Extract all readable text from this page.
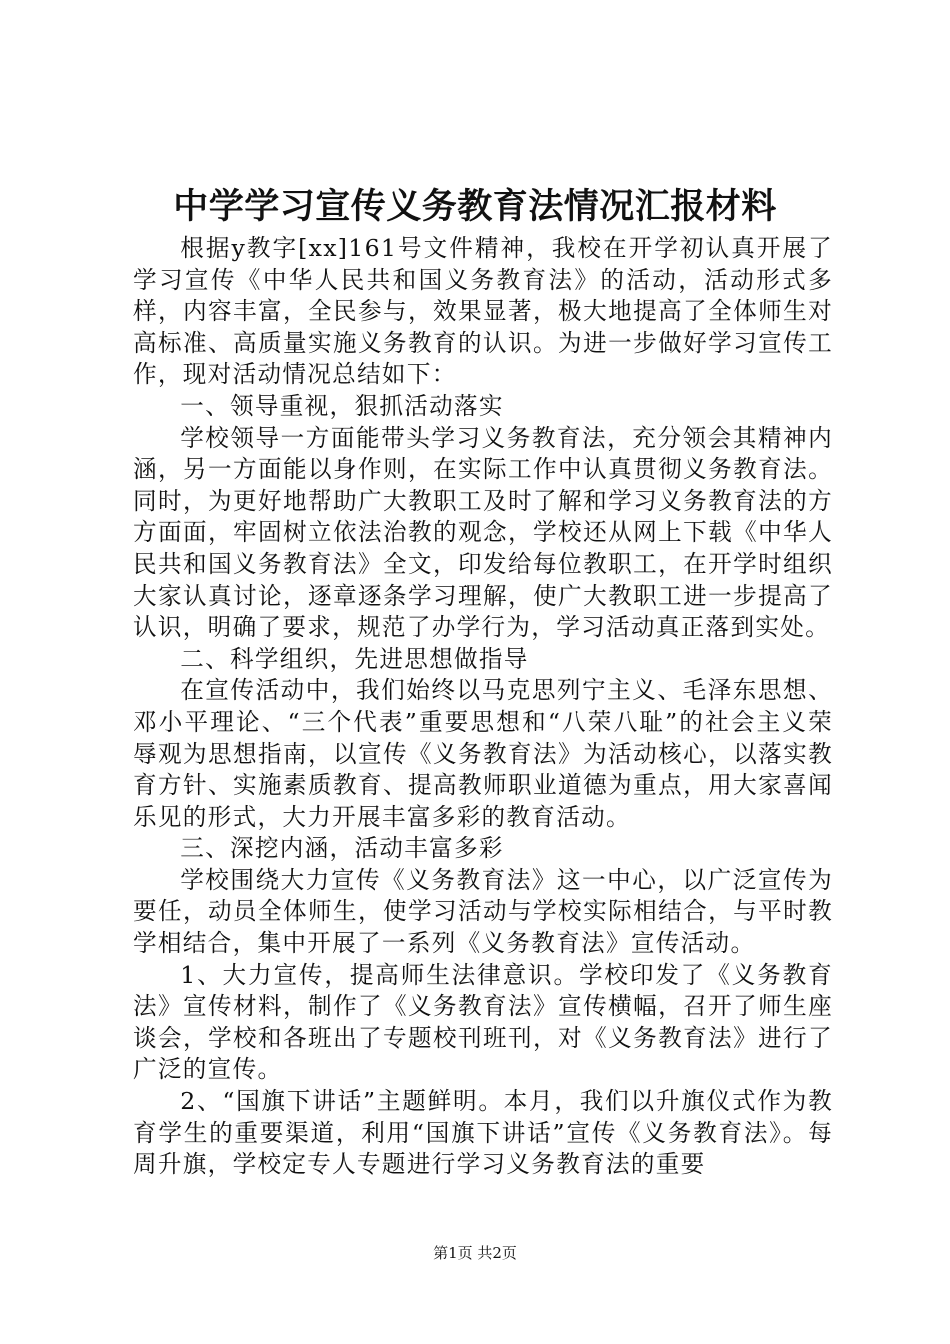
中学学习宣传义务教育法情况汇报材料

根据y教字[xx]161号文件精神，我校在开学初认真开展了学习宣传《中华人民共和国义务教育法》的活动，活动形式多样，内容丰富，全民参与，效果显著，极大地提高了全体师生对高标准、高质量实施义务教育的认识。为进一步做好学习宣传工作，现对活动情况总结如下：

一、领导重视，狠抓活动落实

学校领导一方面能带头学习义务教育法，充分领会其精神内涵，另一方面能以身作则，在实际工作中认真贯彻义务教育法。同时，为更好地帮助广大教职工及时了解和学习义务教育法的方方面面，牢固树立依法治教的观念，学校还从网上下载《中华人民共和国义务教育法》全文，印发给每位教职工，在开学时组织大家认真讨论，逐章逐条学习理解，使广大教职工进一步提高了认识，明确了要求，规范了办学行为，学习活动真正落到实处。

二、科学组织，先进思想做指导

在宣传活动中，我们始终以马克思列宁主义、毛泽东思想、邓小平理论、“三个代表”重要思想和“八荣八耻”的社会主义荣辱观为思想指南，以宣传《义务教育法》为活动核心，以落实教育方针、实施素质教育、提高教师职业道德为重点，用大家喜闻乐见的形式，大力开展丰富多彩的教育活动。

三、深挖内涵，活动丰富多彩

学校围绕大力宣传《义务教育法》这一中心，以广泛宣传为要任，动员全体师生，使学习活动与学校实际相结合，与平时教学相结合，集中开展了一系列《义务教育法》宣传活动。

1、大力宣传，提高师生法律意识。学校印发了《义务教育法》宣传材料，制作了《义务教育法》宣传横幅，召开了师生座谈会，学校和各班出了专题校刊班刊，对《义务教育法》进行了广泛的宣传。

2、“国旗下讲话”主题鲜明。本月，我们以升旗仪式作为教育学生的重要渠道，利用“国旗下讲话”宣传《义务教育法》。每周升旗，学校定专人专题进行学习义务教育法的重要

第1页 共2页
